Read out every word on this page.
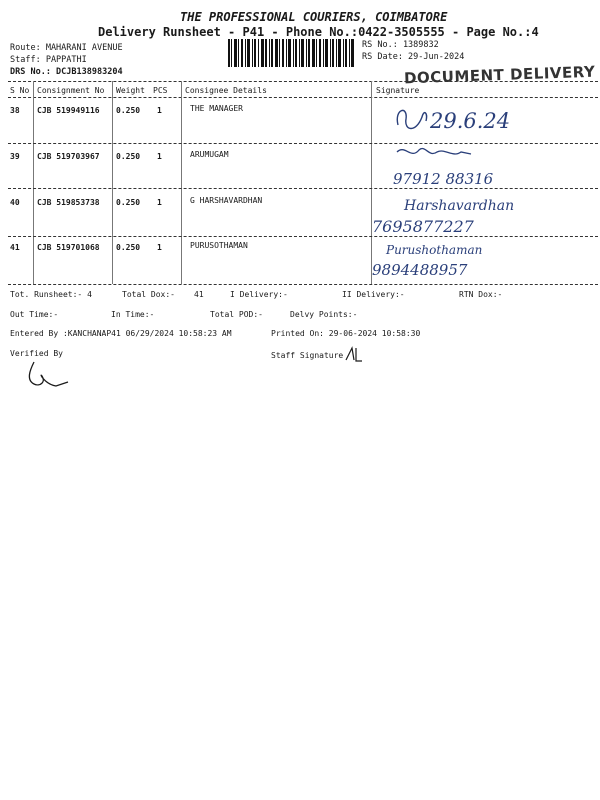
THE PROFESSIONAL COURIERS, COIMBATORE
Delivery Runsheet - P41 - Phone No.:0422-3505555 - Page No.:4
Route: MAHARANI AVENUE
Staff: PAPPATHI
DRS No.: DCJB138983204
RS No.: 1389832
RS Date: 29-Jun-2024
DOCUMENT DELIVERY
S No Consignment No Weight PCS Consignee Details	Signature
38 CJB 519949116 0.250 1	THE MANAGER
29.6.24
39 CJB 519703967 0.250 1	ARUMUGAM
97912 88316
40 CJB 519853738 0.250 1	G HARSHAVARDHAN	Harshavardhan
7695877227
41 CJB 519701068 0.250 1	PURUSOTHAMAN	Purushothaman
9894488957
Tot. Runsheet:- 4	Total Dox:- 41	I Delivery:-	II Delivery:-	RTN Dox:-
Out Time:-	In Time:-	Total POD:-	Delvy Points:-
Entered By :KANCHANAP41 06/29/2024 10:58:23 AM	Printed On: 29-06-2024 10:58:30
Verified By	Staff Signature
